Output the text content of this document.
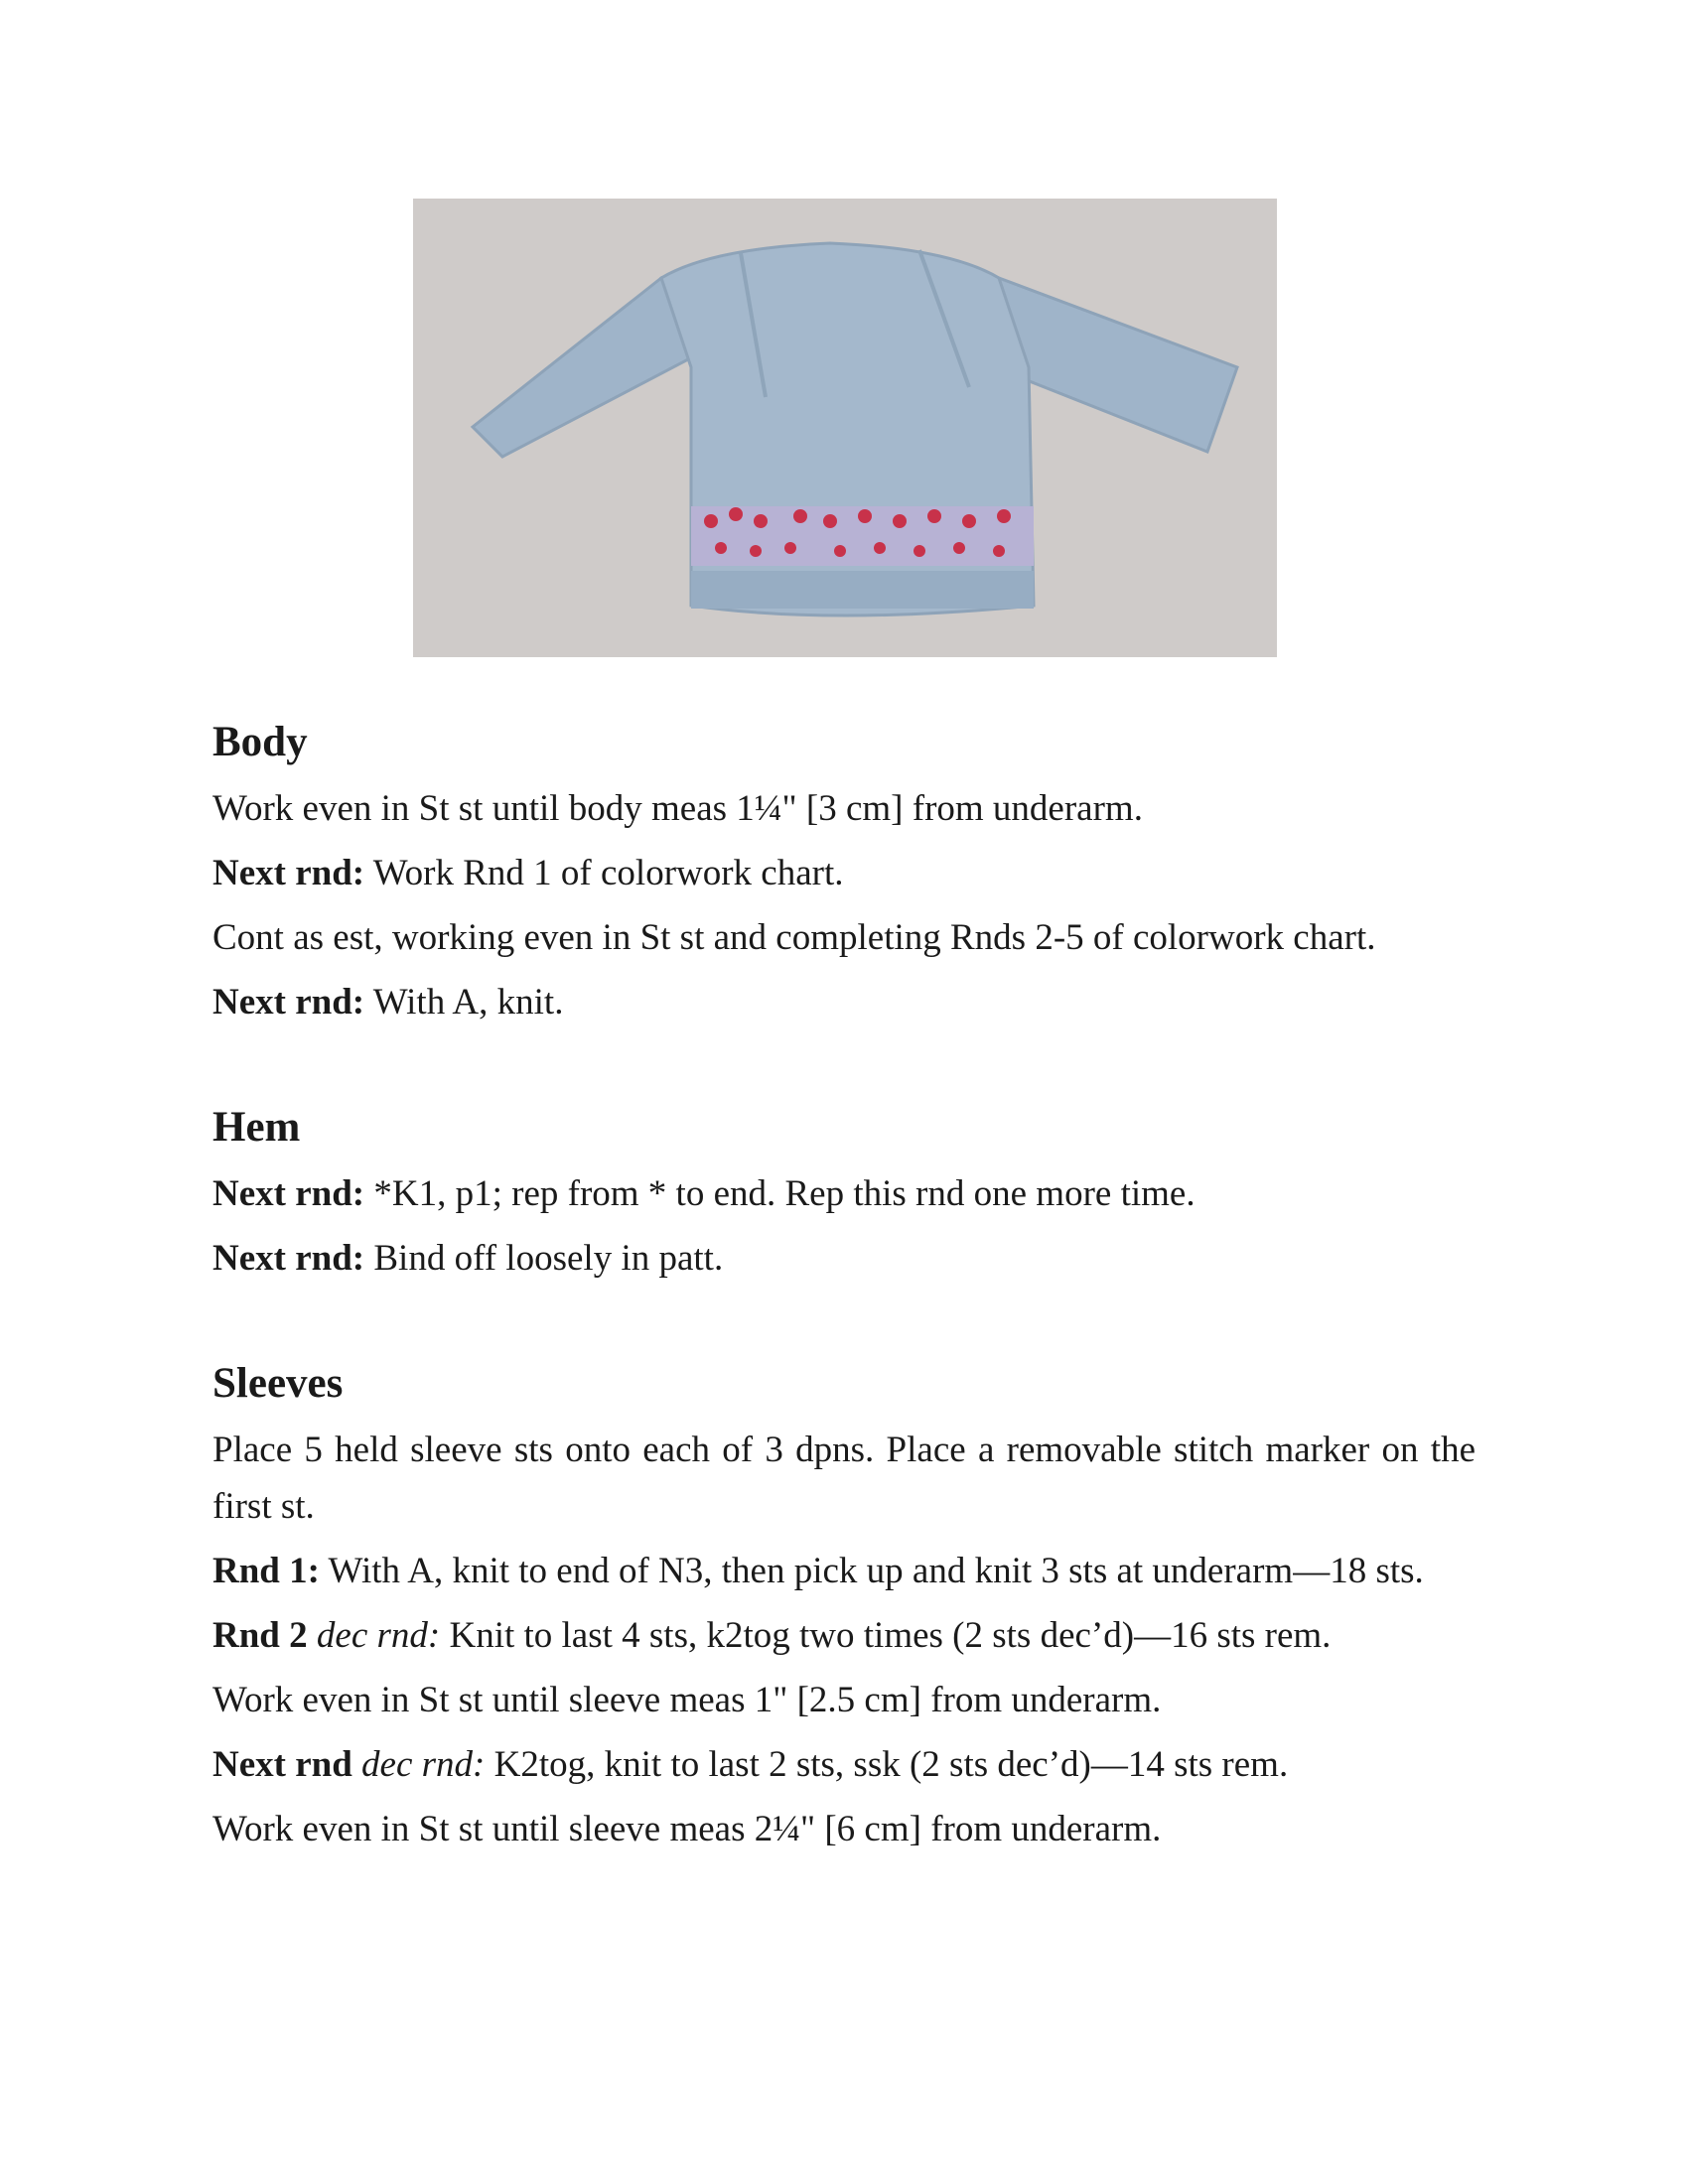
Body

Work even in St st until body meas 1¼" [3 cm] from underarm.

Next rnd: Work Rnd 1 of colorwork chart.

Cont as est, working even in St st and completing Rnds 2-5 of colorwork chart.

Next rnd: With A, knit.

Hem

Next rnd: *K1, p1; rep from * to end. Rep this rnd one more time.

Next rnd: Bind off loosely in patt.

Sleeves

Place 5 held sleeve sts onto each of 3 dpns. Place a removable stitch marker on the first st.

Rnd 1: With A, knit to end of N3, then pick up and knit 3 sts at underarm—18 sts.

Rnd 2 dec rnd: Knit to last 4 sts, k2tog two times (2 sts dec’d)—16 sts rem.

Work even in St st until sleeve meas 1" [2.5 cm] from underarm.

Next rnd dec rnd: K2tog, knit to last 2 sts, ssk (2 sts dec’d)—14 sts rem.

Work even in St st until sleeve meas 2¼" [6 cm] from underarm.
